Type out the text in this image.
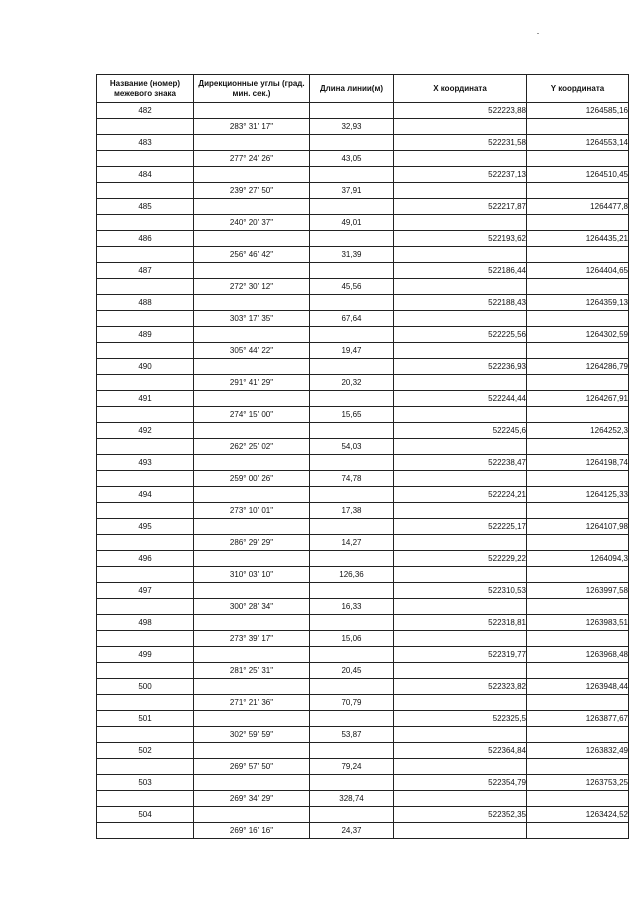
Название (номер) межевого знака	Дирекционные углы (град. мин. сек.)	Длина линии(м)	X координата	Y координата
482			522223,88	1264585,16
	283° 31' 17"	32,93		
483			522231,58	1264553,14
	277° 24' 26"	43,05		
484			522237,13	1264510,45
	239° 27' 50"	37,91		
485			522217,87	1264477,8
	240° 20' 37"	49,01		
486			522193,62	1264435,21
	256° 46' 42"	31,39		
487			522186,44	1264404,65
	272° 30' 12"	45,56		
488			522188,43	1264359,13
	303° 17' 35"	67,64		
489			522225,56	1264302,59
	305° 44' 22"	19,47		
490			522236,93	1264286,79
	291° 41' 29"	20,32		
491			522244,44	1264267,91
	274° 15' 00"	15,65		
492			522245,6	1264252,3
	262° 25' 02"	54,03		
493			522238,47	1264198,74
	259° 00' 26"	74,78		
494			522224,21	1264125,33
	273° 10' 01"	17,38		
495			522225,17	1264107,98
	286° 29' 29"	14,27		
496			522229,22	1264094,3
	310° 03' 10"	126,36		
497			522310,53	1263997,58
	300° 28' 34"	16,33		
498			522318,81	1263983,51
	273° 39' 17"	15,06		
499			522319,77	1263968,48
	281° 25' 31"	20,45		
500			522323,82	1263948,44
	271° 21' 36"	70,79		
501			522325,5	1263877,67
	302° 59' 59"	53,87		
502			522364,84	1263832,49
	269° 57' 50"	79,24		
503			522354,79	1263753,25
	269° 34' 29"	328,74		
504			522352,35	1263424,52
	269° 16' 16"	24,37		
